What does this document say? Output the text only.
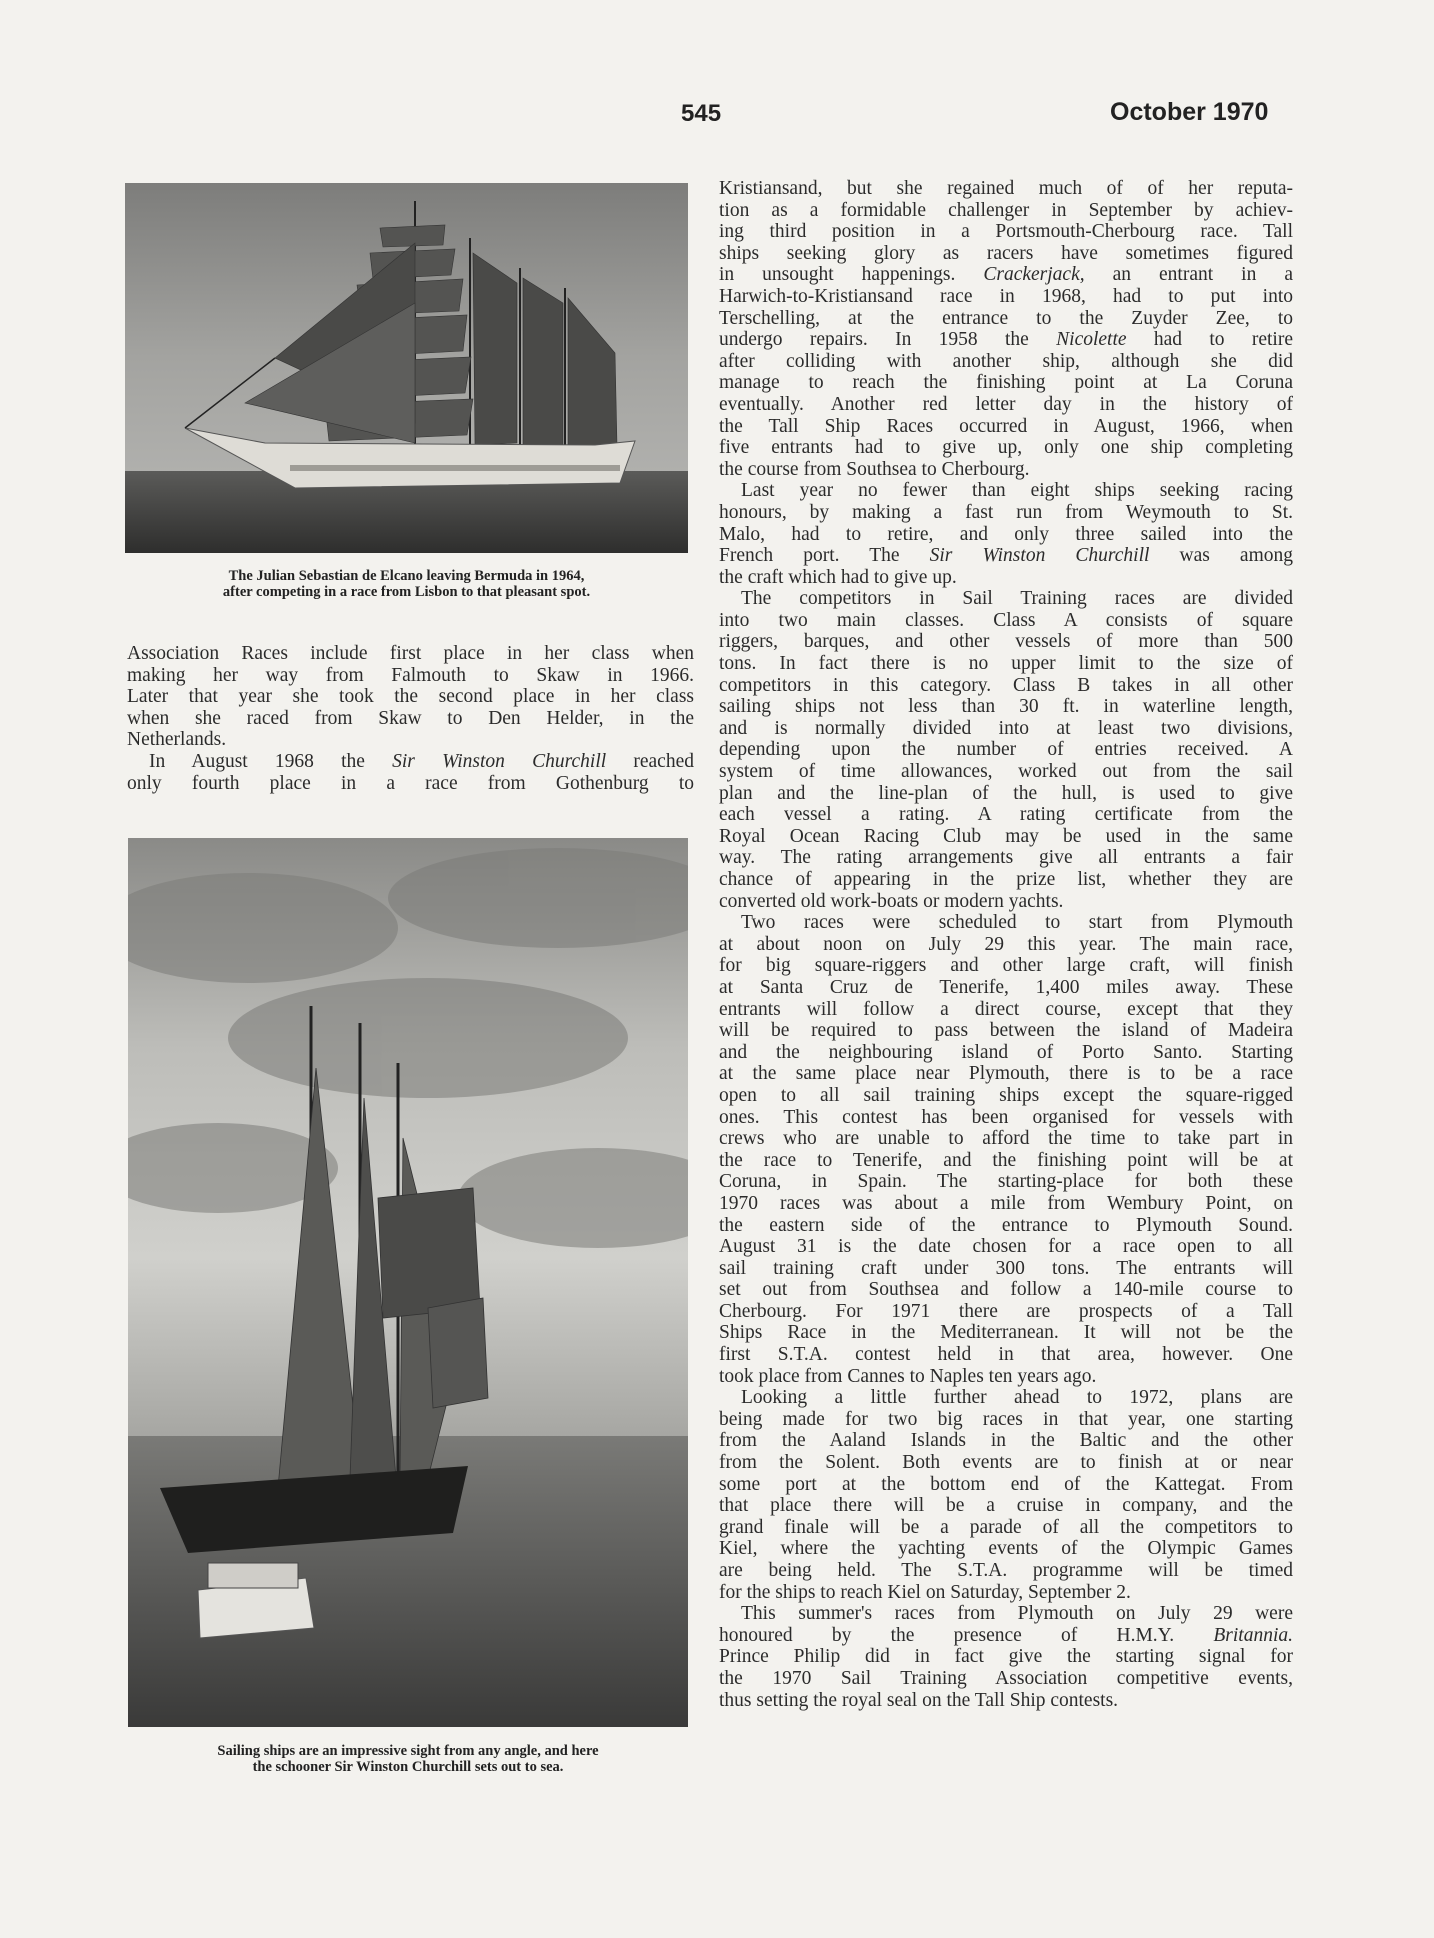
545	October 1970
The Julian Sebastian de Elcano leaving Bermuda in 1964,
after competing in a race from Lisbon to that pleasant spot.
Sailing ships are an impressive sight from any angle, and here
the schooner Sir Winston Churchill sets out to sea.
Association Races include first place in her class when
making her way from Falmouth to Skaw in 1966.
Later that year she took the second place in her class
when she raced from Skaw to Den Helder, in the
Netherlands.
In August 1968 the Sir Winston Churchill reached
only fourth place in a race from Gothenburg to
Kristiansand, but she regained much of of her reputa-
tion as a formidable challenger in September by achiev-
ing third position in a Portsmouth-Cherbourg race. Tall
ships seeking glory as racers have sometimes figured
in unsought happenings. Crackerjack, an entrant in a
Harwich-to-Kristiansand race in 1968, had to put into
Terschelling, at the entrance to the Zuyder Zee, to
undergo repairs. In 1958 the Nicolette had to retire
after colliding with another ship, although she did
manage to reach the finishing point at La Coruna
eventually. Another red letter day in the history of
the Tall Ship Races occurred in August, 1966, when
five entrants had to give up, only one ship completing
the course from Southsea to Cherbourg.
Last year no fewer than eight ships seeking racing
honours, by making a fast run from Weymouth to St.
Malo, had to retire, and only three sailed into the
French port. The Sir Winston Churchill was among
the craft which had to give up.
The competitors in Sail Training races are divided
into two main classes. Class A consists of square
riggers, barques, and other vessels of more than 500
tons. In fact there is no upper limit to the size of
competitors in this category. Class B takes in all other
sailing ships not less than 30 ft. in waterline length,
and is normally divided into at least two divisions,
depending upon the number of entries received. A
system of time allowances, worked out from the sail
plan and the line-plan of the hull, is used to give
each vessel a rating. A rating certificate from the
Royal Ocean Racing Club may be used in the same
way. The rating arrangements give all entrants a fair
chance of appearing in the prize list, whether they are
converted old work-boats or modern yachts.
Two races were scheduled to start from Plymouth
at about noon on July 29 this year. The main race,
for big square-riggers and other large craft, will finish
at Santa Cruz de Tenerife, 1,400 miles away. These
entrants will follow a direct course, except that they
will be required to pass between the island of Madeira
and the neighbouring island of Porto Santo. Starting
at the same place near Plymouth, there is to be a race
open to all sail training ships except the square-rigged
ones. This contest has been organised for vessels with
crews who are unable to afford the time to take part in
the race to Tenerife, and the finishing point will be at
Coruna, in Spain. The starting-place for both these
1970 races was about a mile from Wembury Point, on
the eastern side of the entrance to Plymouth Sound.
August 31 is the date chosen for a race open to all
sail training craft under 300 tons. The entrants will
set out from Southsea and follow a 140-mile course to
Cherbourg. For 1971 there are prospects of a Tall
Ships Race in the Mediterranean. It will not be the
first S.T.A. contest held in that area, however. One
took place from Cannes to Naples ten years ago.
Looking a little further ahead to 1972, plans are
being made for two big races in that year, one starting
from the Aaland Islands in the Baltic and the other
from the Solent. Both events are to finish at or near
some port at the bottom end of the Kattegat. From
that place there will be a cruise in company, and the
grand finale will be a parade of all the competitors to
Kiel, where the yachting events of the Olympic Games
are being held. The S.T.A. programme will be timed
for the ships to reach Kiel on Saturday, September 2.
This summer's races from Plymouth on July 29 were
honoured by the presence of H.M.Y. Britannia.
Prince Philip did in fact give the starting signal for
the 1970 Sail Training Association competitive events,
thus setting the royal seal on the Tall Ship contests.
